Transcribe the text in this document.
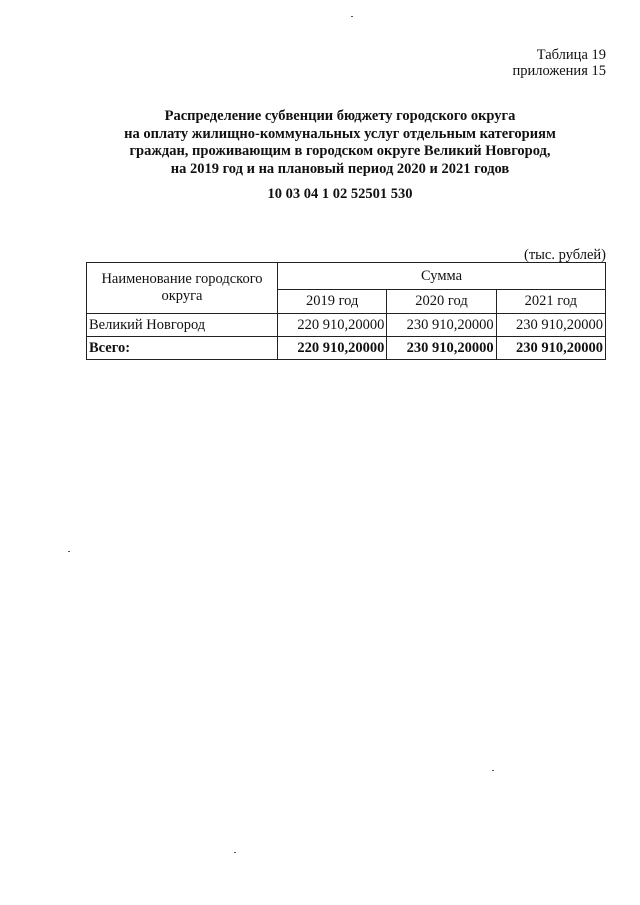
Таблица 19
приложения 15
Распределение субвенции бюджету городского округа
на оплату жилищно-коммунальных услуг отдельным категориям
граждан, проживающим в городском округе Великий Новгород,
на 2019 год и на плановый период 2020 и 2021 годов
10 03 04 1 02 52501 530
(тыс. рублей)
Наименование городского округа	Сумма		
	2019 год	2020 год	2021 год
Великий Новгород	220 910,20000	230 910,20000	230 910,20000
Всего:	220 910,20000	230 910,20000	230 910,20000
